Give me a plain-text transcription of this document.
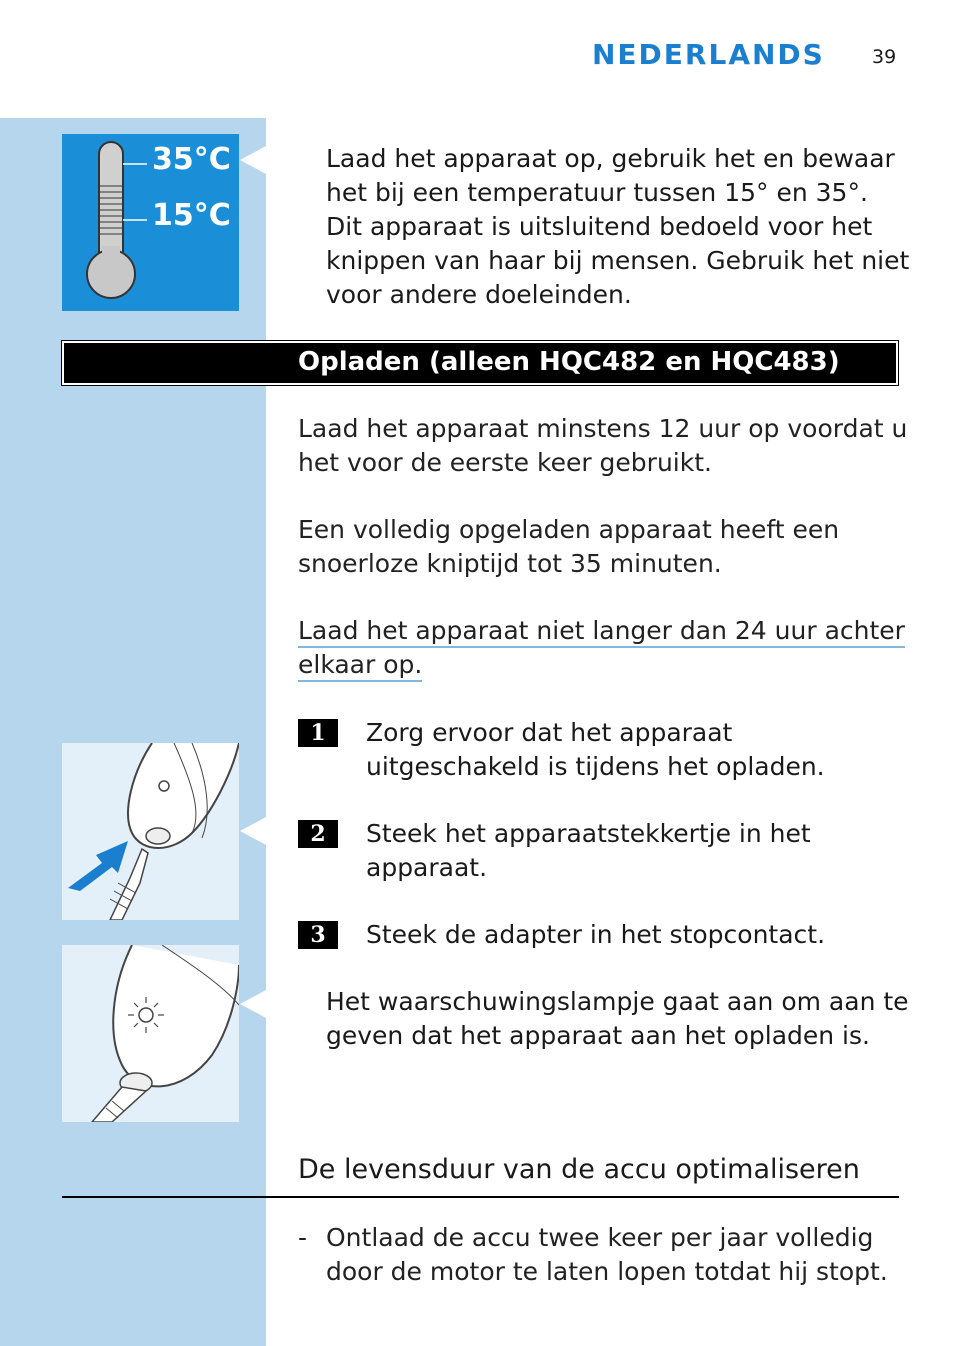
NEDERLANDS 39
35°C
15°C
Laad het apparaat op, gebruik het en bewaar
het bij een temperatuur tussen 15° en 35°.
Dit apparaat is uitsluitend bedoeld voor het
knippen van haar bij mensen. Gebruik het niet
voor andere doeleinden.
Opladen (alleen HQC482 en HQC483)
Laad het apparaat minstens 12 uur op voordat u
het voor de eerste keer gebruikt.
Een volledig opgeladen apparaat heeft een
snoerloze kniptijd tot 35 minuten.
Laad het apparaat niet langer dan 24 uur achter
elkaar op.
1	Zorg ervoor dat het apparaat
uitgeschakeld is tijdens het opladen.
2	Steek het apparaatstekkertje in het
apparaat.
3	Steek de adapter in het stopcontact.
Het waarschuwingslampje gaat aan om aan te
geven dat het apparaat aan het opladen is.
De levensduur van de accu optimaliseren
- Ontlaad de accu twee keer per jaar volledig
door de motor te laten lopen totdat hij stopt.
